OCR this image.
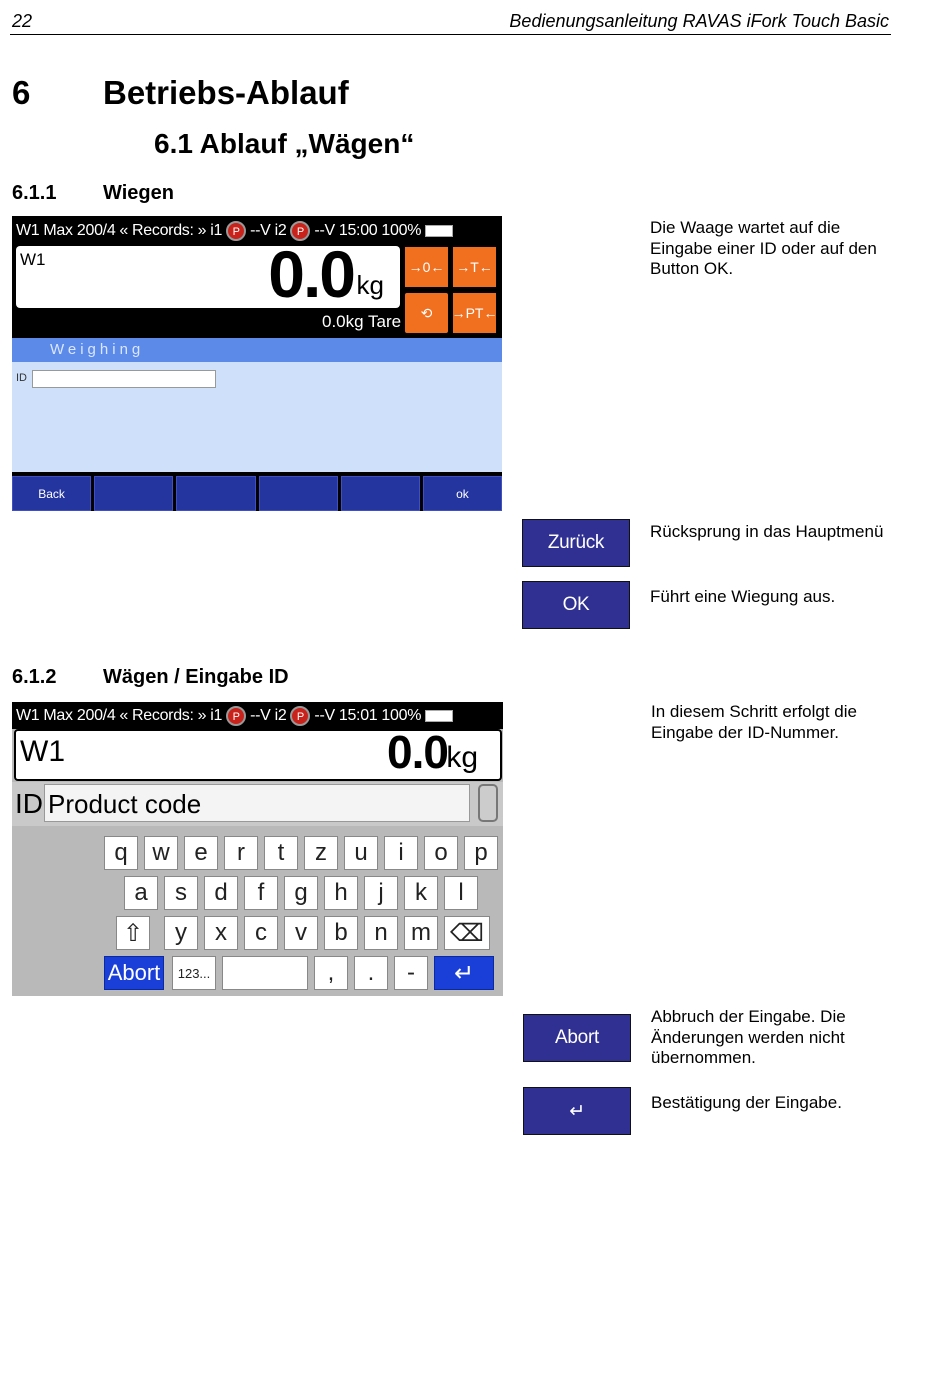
22	Bedienungsanleitung RAVAS iFork Touch Basic
6 Betriebs-Ablauf
6.1 Ablauf „Wägen“
6.1.1 Wiegen
W1 Max 200/4 « Records: » i1 P --V i2 P --V 15:00 100%
W1	0.0 kg
0.0kg Tare
→0← →T←
⟲	→PT←
Weighing
ID
Back	ok
Die Waage wartet auf die Eingabe einer ID oder auf den Button OK.
Zurück
Rücksprung in das Hauptmenü
OK	Führt eine Wiegung aus.
6.1.2 Wägen / Eingabe ID
W1 Max 200/4 « Records: » i1 P --V i2 P --V 15:01 100%
W1	0.0
kg
ID Product code
q	w	e	r	t	z	u	i	o	p
a	s	d	f	g	h	j	k	l
⇧	y	x	c	v	b	n m ⌫
Abort	123...	,	.	-	↵
In diesem Schritt erfolgt die Eingabe der ID-Nummer.
Abort
Abbruch der Eingabe. Die Änderungen werden nicht übernommen.
↵	Bestätigung der Eingabe.
